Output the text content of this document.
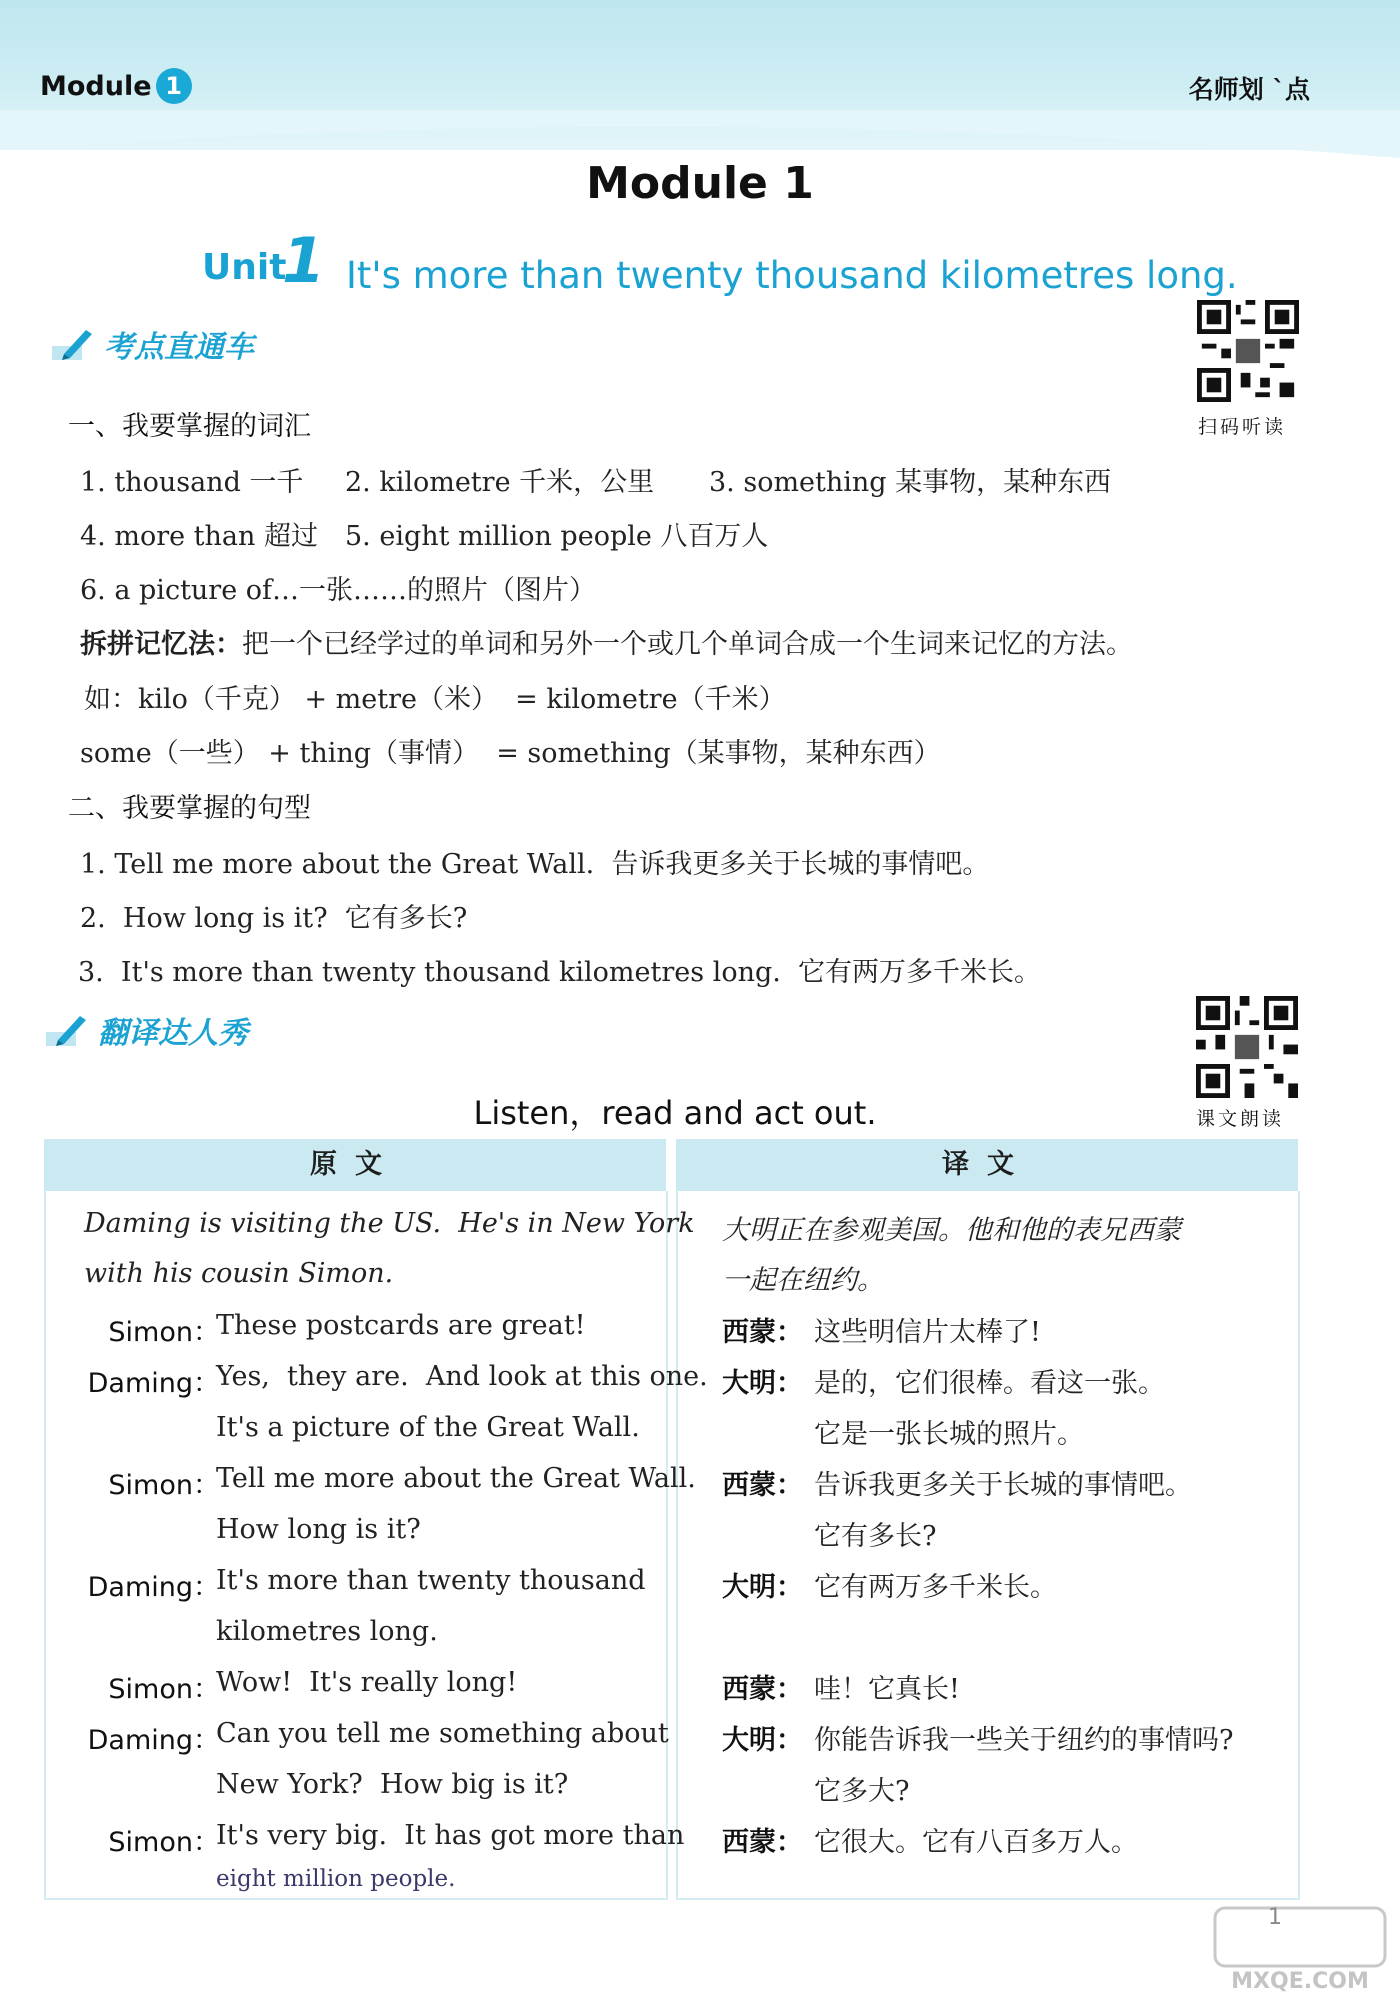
Module 1	名师划 `点
Module 1
Unit
1 It's more than twenty thousand kilometres long.
考点直通车
扫码听读
一、我要掌握的词汇
1. thousand 一千 2. kilometre 千米，公里 3. something 某事物，某种东西
4. more than 超过 5. eight million people 八百万人
6. a picture of…一张……的照片（图片）
拆拼记忆法：把一个已经学过的单词和另外一个或几个单词合成一个生词来记忆的方法。
如：kilo（千克） + metre（米）  = kilometre（千米）
some（一些） + thing（事情）  = something（某事物，某种东西）
二、我要掌握的句型
1. Tell me more about the Great Wall.  告诉我更多关于长城的事情吧。
2.  How long is it?  它有多长?
3.  It's more than twenty thousand kilometres long.  它有两万多千米长。
翻译达人秀
课文朗读
Listen，read and act out.
原文	译文
Daming is visiting the US.  He's in New York
with his cousin Simon.
Simon：
These postcards are great!
Daming：
Yes,  they are.  And look at this one.
It's a picture of the Great Wall.
Simon：
Tell me more about the Great Wall.
How long is it?
Daming：
It's more than twenty thousand
kilometres long.
Simon：
Wow!  It's really long!
Daming：
Can you tell me something about
New York?  How big is it?
Simon：
It's very big.  It has got more than
eight million people.
大明正在参观美国。他和他的表兄西蒙
一起在纽约。
西蒙： 这些明信片太棒了!
大明： 是的，它们很棒。看这一张。
它是一张长城的照片。
西蒙： 告诉我更多关于长城的事情吧。
它有多长?
大明： 它有两万多千米长。
西蒙： 哇！它真长!
大明： 你能告诉我一些关于纽约的事情吗?
它多大?
西蒙： 它很大。它有八百多万人。
MXQE.COM
1
